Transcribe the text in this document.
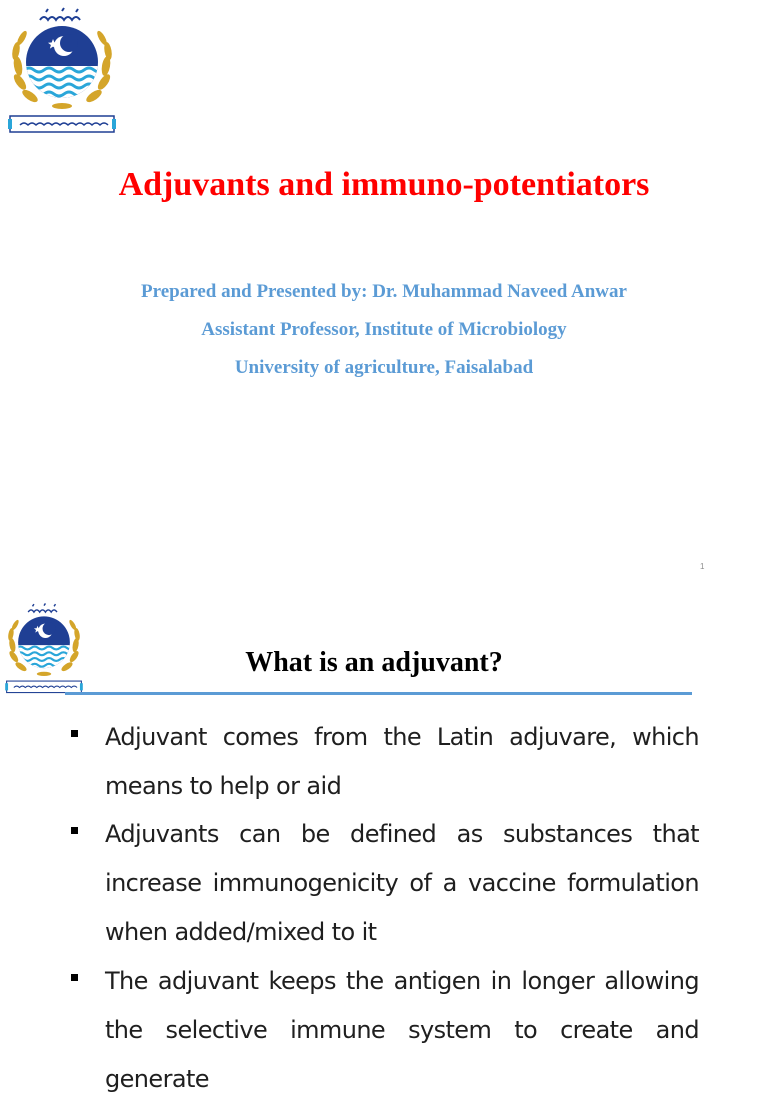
Adjuvants and immuno-potentiators
Prepared and Presented by: Dr. Muhammad Naveed Anwar
Assistant Professor, Institute of Microbiology
University of agriculture, Faisalabad
1
What is an adjuvant?
Adjuvant comes from the Latin adjuvare, which means to help or aid
Adjuvants can be defined as substances that increase immunogenicity of a vaccine formulation when added/mixed to it
The adjuvant keeps the antigen in longer allowing the selective immune system to create and generate
